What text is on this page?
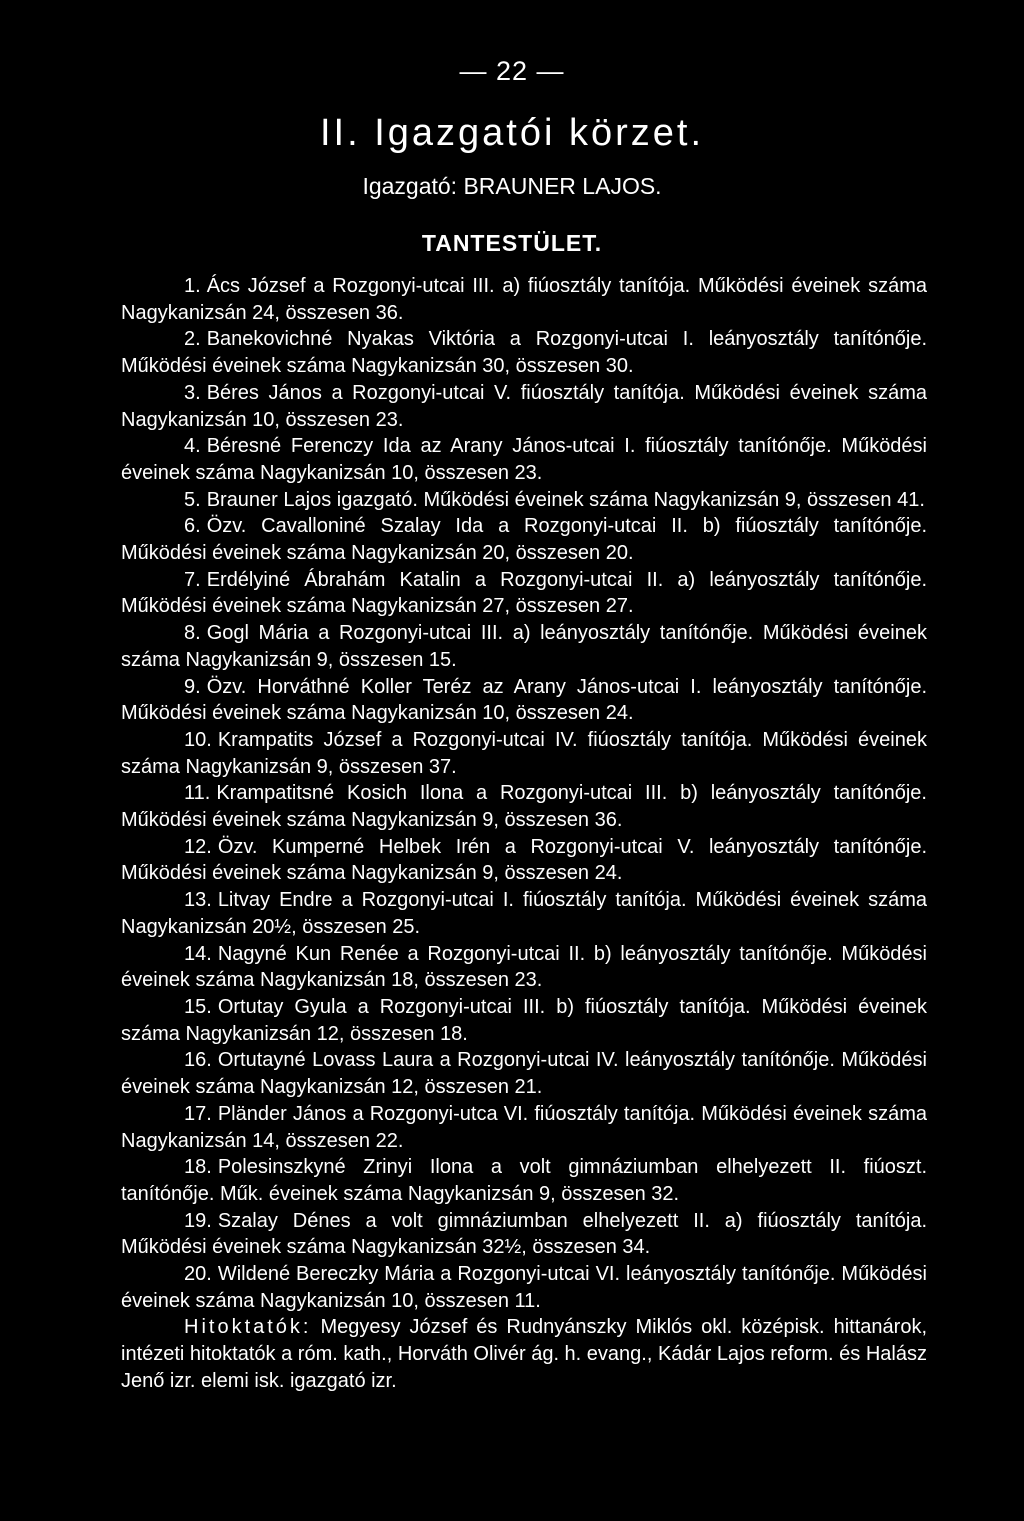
— 22 —
II. Igazgatói körzet.
Igazgató: BRAUNER LAJOS.
TANTESTÜLET.

1. Ács József a Rozgonyi-utcai III. a) fiúosztály tanítója. Működési éveinek száma Nagykanizsán 24, összesen 36.

2. Banekovichné Nyakas Viktória a Rozgonyi-utcai I. leányosztály tanítónője. Működési éveinek száma Nagykanizsán 30, összesen 30.

3. Béres János a Rozgonyi-utcai V. fiúosztály tanítója. Működési éveinek száma Nagykanizsán 10, összesen 23.

4. Béresné Ferenczy Ida az Arany János-utcai I. fiúosztály tanítónője. Működési éveinek száma Nagykanizsán 10, összesen 23.

5. Brauner Lajos igazgató. Működési éveinek száma Nagykanizsán 9, összesen 41.

6. Özv. Cavalloniné Szalay Ida a Rozgonyi-utcai II. b) fiúosztály tanítónője. Működési éveinek száma Nagykanizsán 20, összesen 20.

7. Erdélyiné Ábrahám Katalin a Rozgonyi-utcai II. a) leányosztály tanítónője. Működési éveinek száma Nagykanizsán 27, összesen 27.

8. Gogl Mária a Rozgonyi-utcai III. a) leányosztály tanítónője. Működési éveinek száma Nagykanizsán 9, összesen 15.

9. Özv. Horváthné Koller Teréz az Arany János-utcai I. leányosztály tanítónője. Működési éveinek száma Nagykanizsán 10, összesen 24.

10. Krampatits József a Rozgonyi-utcai IV. fiúosztály tanítója. Működési éveinek száma Nagykanizsán 9, összesen 37.

11. Krampatitsné Kosich Ilona a Rozgonyi-utcai III. b) leányosztály tanítónője. Működési éveinek száma Nagykanizsán 9, összesen 36.

12. Özv. Kumperné Helbek Irén a Rozgonyi-utcai V. leányosztály tanítónője. Működési éveinek száma Nagykanizsán 9, összesen 24.

13. Litvay Endre a Rozgonyi-utcai I. fiúosztály tanítója. Működési éveinek száma Nagykanizsán 20½, összesen 25.

14. Nagyné Kun Renée a Rozgonyi-utcai II. b) leányosztály tanítónője. Működési éveinek száma Nagykanizsán 18, összesen 23.

15. Ortutay Gyula a Rozgonyi-utcai III. b) fiúosztály tanítója. Működési éveinek száma Nagykanizsán 12, összesen 18.

16. Ortutayné Lovass Laura a Rozgonyi-utcai IV. leányosztály tanítónője. Működési éveinek száma Nagykanizsán 12, összesen 21.

17. Pländer János a Rozgonyi-utca VI. fiúosztály tanítója. Működési éveinek száma Nagykanizsán 14, összesen 22.

18. Polesinszkyné Zrinyi Ilona a volt gimnáziumban elhelyezett II. fiúoszt. tanítónője. Műk. éveinek száma Nagykanizsán 9, összesen 32.

19. Szalay Dénes a volt gimnáziumban elhelyezett II. a) fiúosztály tanítója. Működési éveinek száma Nagykanizsán 32½, összesen 34.

20. Wildené Bereczky Mária a Rozgonyi-utcai VI. leányosztály tanítónője. Működési éveinek száma Nagykanizsán 10, összesen 11.

Hitoktatók: Megyesy József és Rudnyánszky Miklós okl. középisk. hittanárok, intézeti hitoktatók a róm. kath., Horváth Olivér ág. h. evang., Kádár Lajos reform. és Halász Jenő izr. elemi isk. igazgató izr.
